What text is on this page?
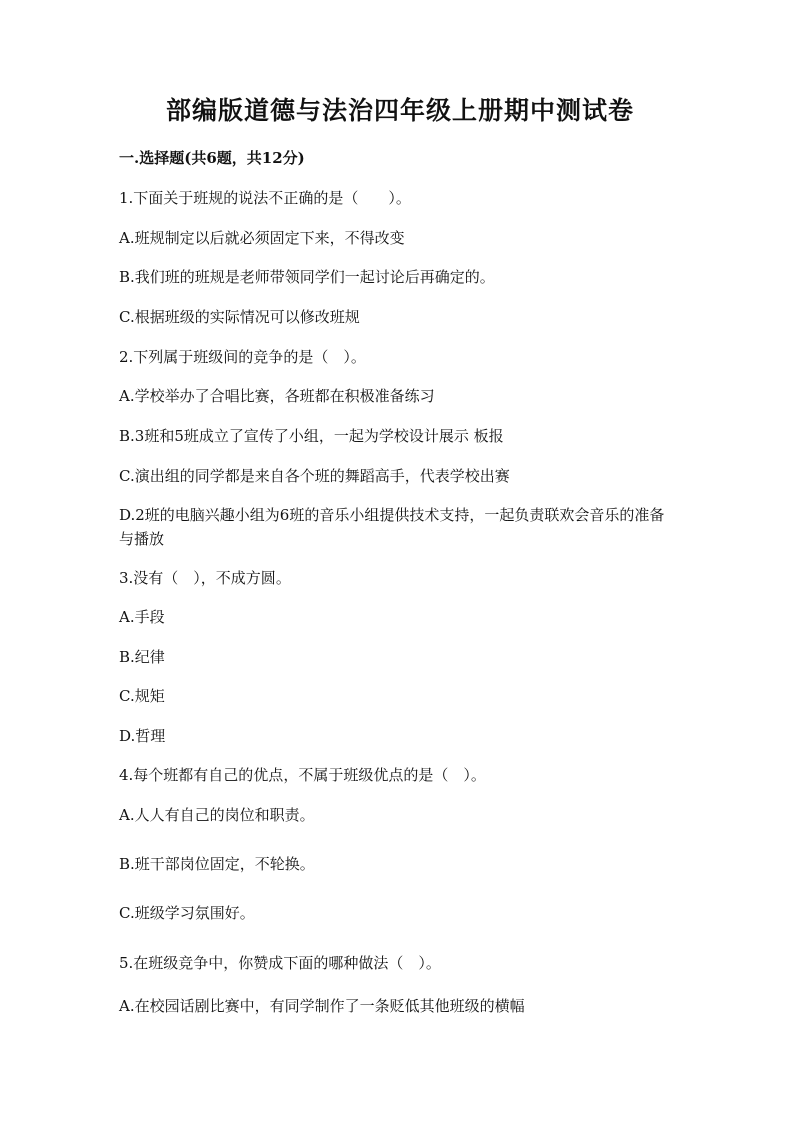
部编版道德与法治四年级上册期中测试卷
一.选择题(共6题，共12分)
1.下面关于班规的说法不正确的是（　　）。
A.班规制定以后就必须固定下来，不得改变
B.我们班的班规是老师带领同学们一起讨论后再确定的。
C.根据班级的实际情况可以修改班规
2.下列属于班级间的竞争的是（　）。
A.学校举办了合唱比赛，各班都在积极准备练习
B.3班和5班成立了宣传了小组，一起为学校设计展示 板报
C.演出组的同学都是来自各个班的舞蹈高手，代表学校出赛
D.2班的电脑兴趣小组为6班的音乐小组提供技术支持，一起负责联欢会音乐的准备与播放
3.没有（　），不成方圆。
A.手段
B.纪律
C.规矩
D.哲理
4.每个班都有自己的优点，不属于班级优点的是（　）。
A.人人有自己的岗位和职责。
B.班干部岗位固定，不轮换。
C.班级学习氛围好。
5.在班级竞争中，你赞成下面的哪种做法（　）。
A.在校园话剧比赛中，有同学制作了一条贬低其他班级的横幅
